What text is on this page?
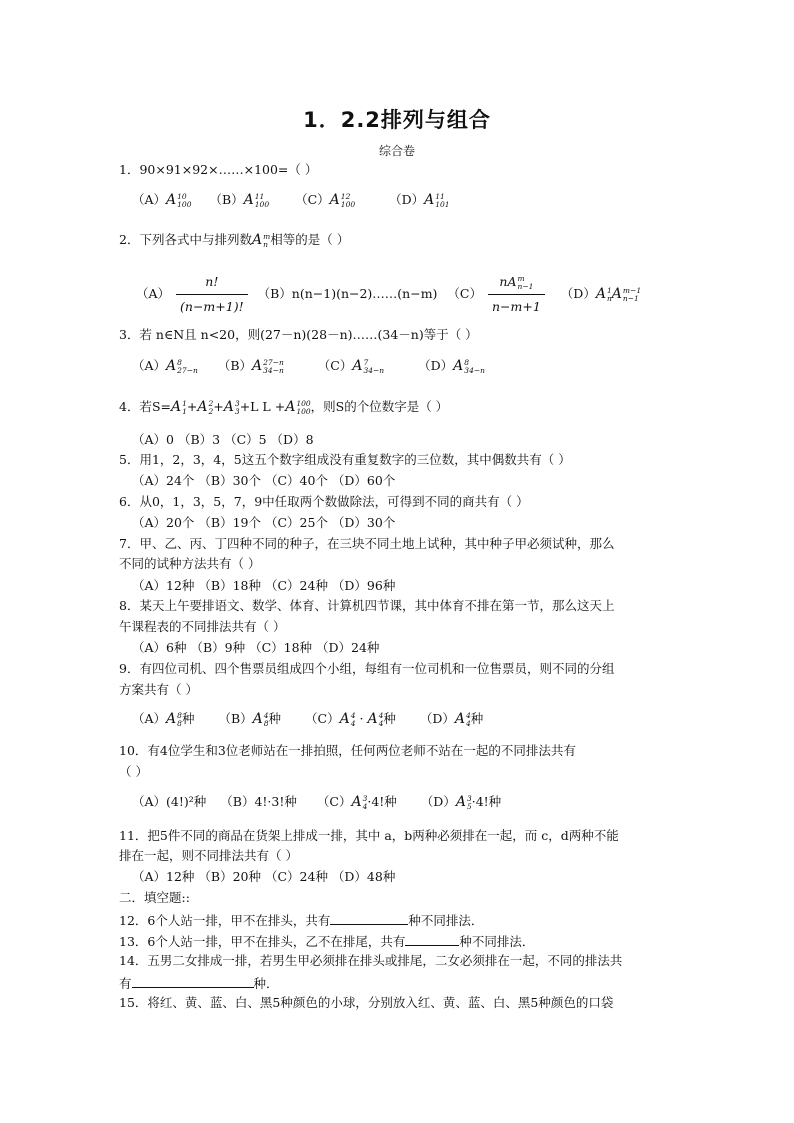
1．2.2排列与组合
综合卷
1．90×91×92×……×100=（ ）
（A）A 10
100 （B）A 11
100 （C）A 12
100	（D）A 11
101
2．下列各式中与排列数A m
n 相等的是（ ）
$(A) \frac{n!}{(n-m+1)!}$ （B）n(n−1)(n−2)……(n−m) （C） nA m
n−1
n−m+1 （D）A 1
n A m−1
n−1
3．若 n∈N且 n<20，则(27－n)(28－n)……(34－n)等于（ ）
（A）A 8
27−n （B）A 27−n
34−n	（C）A 7
34−n	（D）A 8
34−n
4．若S=A 1
1 +A 2
2 +A 3
3 +L L +A 100
100 ，则S的个位数字是（ ）
（A）0 （B）3 （C）5 （D）8
5．用1，2，3，4，5这五个数字组成没有重复数字的三位数，其中偶数共有（ ）
（A）24个 （B）30个 （C）40个 （D）60个
6．从0，1，3，5，7，9中任取两个数做除法，可得到不同的商共有（ ）
（A）20个 （B）19个 （C）25个 （D）30个
7．甲、乙、丙、丁四种不同的种子，在三块不同土地上试种，其中种子甲必须试种，那么
不同的试种方法共有（ ）
（A）12种 （B）18种 （C）24种 （D）96种
8．某天上午要排语文、数学、体育、计算机四节课，其中体育不排在第一节，那么这天上
午课程表的不同排法共有（ ）
（A）6种 （B）9种 （C）18种 （D）24种
9．有四位司机、四个售票员组成四个小组，每组有一位司机和一位售票员，则不同的分组
方案共有（ ）
（A）A 8
8 种 （B）A 4
8 种 （C）A 4
4 · A 4
4 种 （D）A 4
4 种
10．有4位学生和3位老师站在一排拍照，任何两位老师不站在一起的不同排法共有
（ ）
（A）(4!)²种 （B）4!·3!种 （C）A 3
4 ·4!种 （D）A 3
5 ·4!种
11．把5件不同的商品在货架上排成一排，其中 a，b两种必须排在一起，而 c，d两种不能
排在一起，则不同排法共有（ ）
（A）12种 （B）20种 （C）24种 （D）48种
二．填空题::
12．6个人站一排，甲不在排头，共有	种不同排法．
13．6个人站一排，甲不在排头，乙不在排尾，共有	种不同排法．
14．五男二女排成一排，若男生甲必须排在排头或排尾，二女必须排在一起，不同的排法共
有	种．
15．将红、黄、蓝、白、黑5种颜色的小球，分别放入红、黄、蓝、白、黑5种颜色的口袋
